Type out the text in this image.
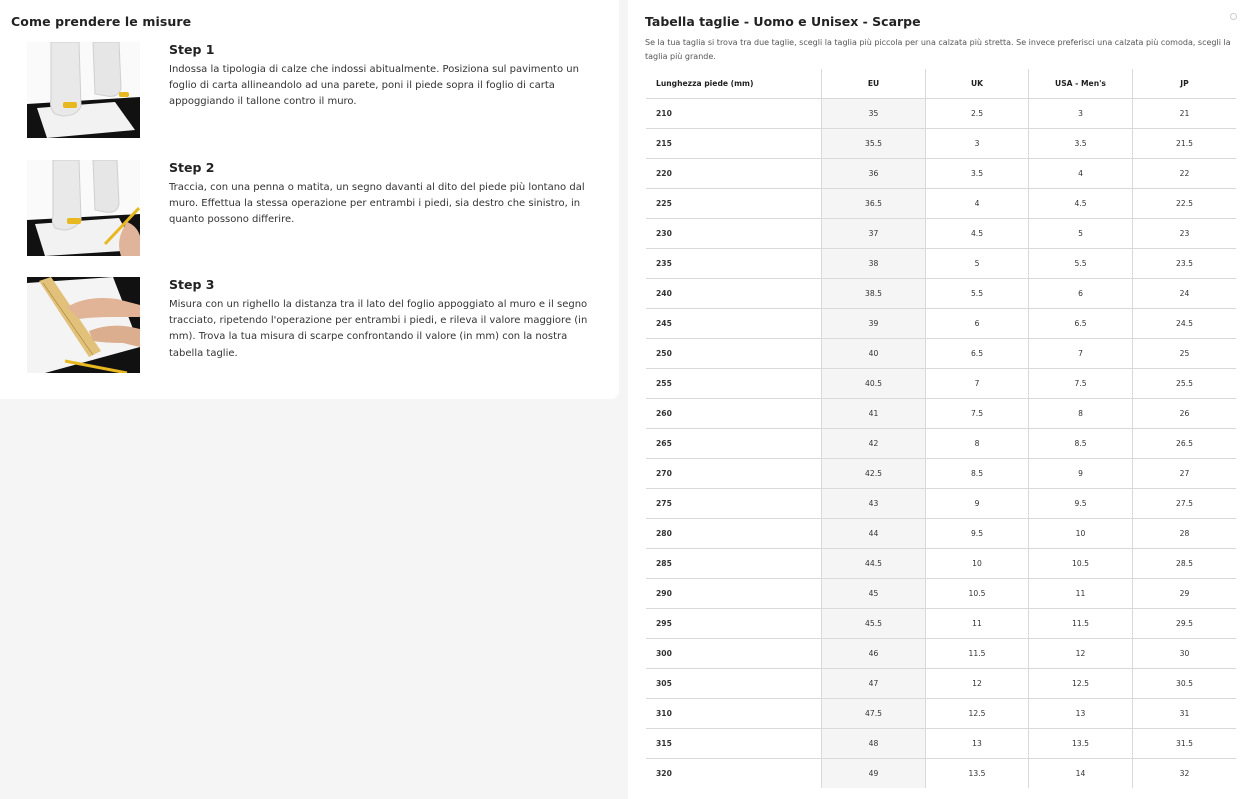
Come prendere le misure
Step 1
Indossa la tipologia di calze che indossi abitualmente. Posiziona sul pavimento un foglio di carta allineandolo ad una parete, poni il piede sopra il foglio di carta appoggiando il tallone contro il muro.
Step 2
Traccia, con una penna o matita, un segno davanti al dito del piede più lontano dal muro. Effettua la stessa operazione per entrambi i piedi, sia destro che sinistro, in quanto possono differire.
Step 3
Misura con un righello la distanza tra il lato del foglio appoggiato al muro e il segno tracciato, ripetendo l'operazione per entrambi i piedi, e rileva il valore maggiore (in mm). Trova la tua misura di scarpe confrontando il valore (in mm) con la nostra tabella taglie.
Tabella taglie - Uomo e Unisex - Scarpe
Se la tua taglia si trova tra due taglie, scegli la taglia più piccola per una calzata più stretta. Se invece preferisci una calzata più comoda, scegli la taglia più grande.
Lunghezza piede (mm)	EU	UK	USA - Men's	JP
210	35	2.5	3	21
215	35.5	3	3.5	21.5
220	36	3.5	4	22
225	36.5	4	4.5	22.5
230	37	4.5	5	23
235	38	5	5.5	23.5
240	38.5	5.5	6	24
245	39	6	6.5	24.5
250	40	6.5	7	25
255	40.5	7	7.5	25.5
260	41	7.5	8	26
265	42	8	8.5	26.5
270	42.5	8.5	9	27
275	43	9	9.5	27.5
280	44	9.5	10	28
285	44.5	10	10.5	28.5
290	45	10.5	11	29
295	45.5	11	11.5	29.5
300	46	11.5	12	30
305	47	12	12.5	30.5
310	47.5	12.5	13	31
315	48	13	13.5	31.5
320	49	13.5	14	32
